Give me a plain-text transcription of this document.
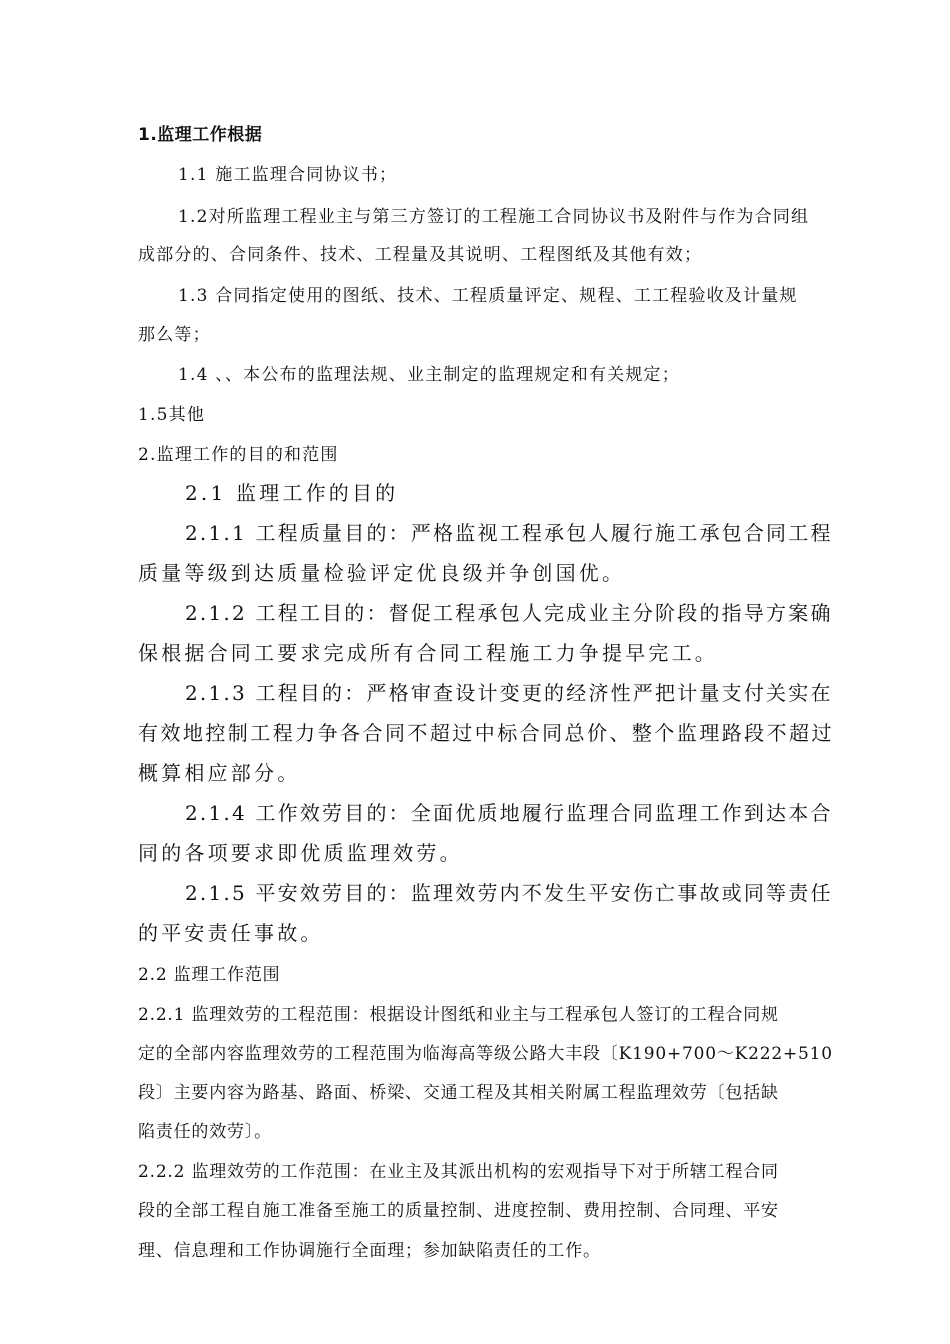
1.监理工作根据
1.1 施工监理合同协议书；
1.2对所监理工程业主与第三方签订的工程施工合同协议书及附件与作为合同组
成部分的、合同条件、技术、工程量及其说明、工程图纸及其他有效；
1.3 合同指定使用的图纸、技术、工程质量评定、规程、工工程验收及计量规
那么等；
1.4 、、本公布的监理法规、业主制定的监理规定和有关规定；
1.5其他
2.监理工作的目的和范围
2.1 监理工作的目的
2.1.1 工程质量目的：严格监视工程承包人履行施工承包合同工程
质量等级到达质量检验评定优良级并争创国优。
2.1.2 工程工目的：督促工程承包人完成业主分阶段的指导方案确
保根据合同工要求完成所有合同工程施工力争提早完工。
2.1.3 工程目的：严格审查设计变更的经济性严把计量支付关实在
有效地控制工程力争各合同不超过中标合同总价、整个监理路段不超过
概算相应部分。
2.1.4 工作效劳目的：全面优质地履行监理合同监理工作到达本合
同的各项要求即优质监理效劳。
2.1.5 平安效劳目的：监理效劳内不发生平安伤亡事故或同等责任
的平安责任事故。
2.2 监理工作范围
2.2.1 监理效劳的工程范围：根据设计图纸和业主与工程承包人签订的工程合同规
定的全部内容监理效劳的工程范围为临海高等级公路大丰段〔K190+700～K222+510
段〕主要内容为路基、路面、桥梁、交通工程及其相关附属工程监理效劳〔包括缺
陷责任的效劳〕。
2.2.2 监理效劳的工作范围：在业主及其派出机构的宏观指导下对于所辖工程合同
段的全部工程自施工准备至施工的质量控制、进度控制、费用控制、合同理、平安
理、信息理和工作协调施行全面理；参加缺陷责任的工作。
